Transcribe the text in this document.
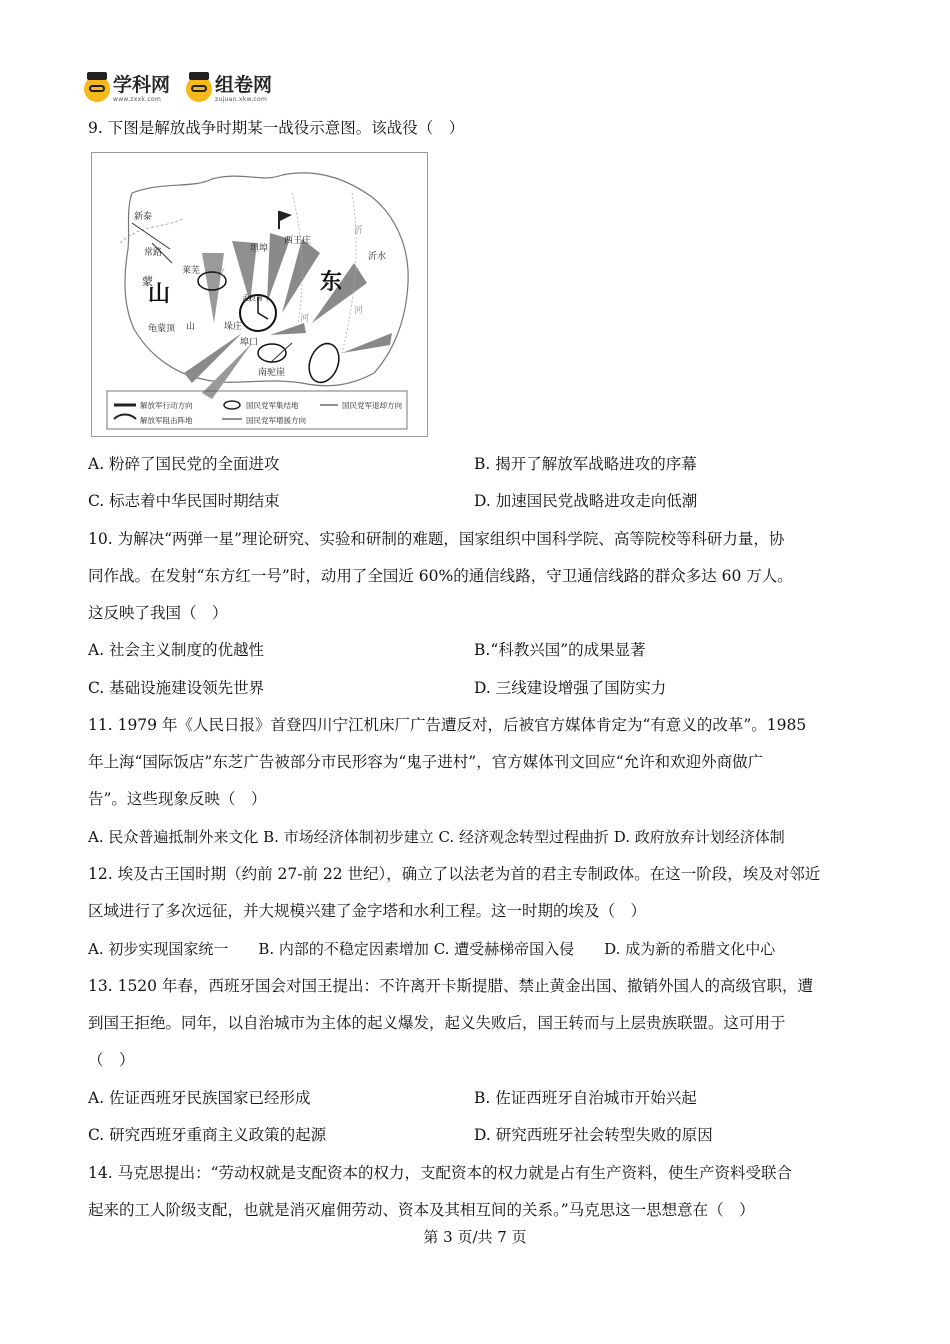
学科网
www.zxxk.com
组卷网
zujuan.xkw.com
9. 下图是解放战争时期某一战役示意图。该战役（　）
新泰
常路
莱芜
坦埠
西王庄
沂水
蒙
山	东
孟良崮
埠口
垛庄
龟蒙顶
南驼崖
山
汶
沂
河
河
解放军行动方向	国民党军集结地	国民党军退却方向
解放军阻击阵地	国民党军增援方向
A. 粉碎了国民党的全面进攻	B. 揭开了解放军战略进攻的序幕
C. 标志着中华民国时期结束	D. 加速国民党战略进攻走向低潮
10. 为解决“两弹一星”理论研究、实验和研制的难题，国家组织中国科学院、高等院校等科研力量，协
同作战。在发射“东方红一号”时，动用了全国近 60%的通信线路，守卫通信线路的群众多达 60 万人。
这反映了我国（　）
A. 社会主义制度的优越性	B.“科教兴国”的成果显著
C. 基础设施建设领先世界	D. 三线建设增强了国防实力
11. 1979 年《人民日报》首登四川宁江机床厂广告遭反对，后被官方媒体肯定为“有意义的改革”。1985
年上海“国际饭店”东芝广告被部分市民形容为“鬼子进村”，官方媒体刊文回应“允许和欢迎外商做广
告”。这些现象反映（　）
A. 民众普遍抵制外来文化 B. 市场经济体制初步建立 C. 经济观念转型过程曲折 D. 政府放弃计划经济体制
12. 埃及古王国时期（约前 27-前 22 世纪），确立了以法老为首的君主专制政体。在这一阶段，埃及对邻近
区域进行了多次远征，并大规模兴建了金字塔和水利工程。这一时期的埃及（　）
A. 初步实现国家统一　　B. 内部的不稳定因素增加 C. 遭受赫梯帝国入侵　　D. 成为新的希腊文化中心
13. 1520 年春，西班牙国会对国王提出：不许离开卡斯提腊、禁止黄金出国、撤销外国人的高级官职，遭
到国王拒绝。同年，以自治城市为主体的起义爆发，起义失败后，国王转而与上层贵族联盟。这可用于
（　）
A. 佐证西班牙民族国家已经形成	B. 佐证西班牙自治城市开始兴起
C. 研究西班牙重商主义政策的起源	D. 研究西班牙社会转型失败的原因
14. 马克思提出：“劳动权就是支配资本的权力，支配资本的权力就是占有生产资料，使生产资料受联合
起来的工人阶级支配，也就是消灭雇佣劳动、资本及其相互间的关系。”马克思这一思想意在（　）
第 3 页/共 7 页
